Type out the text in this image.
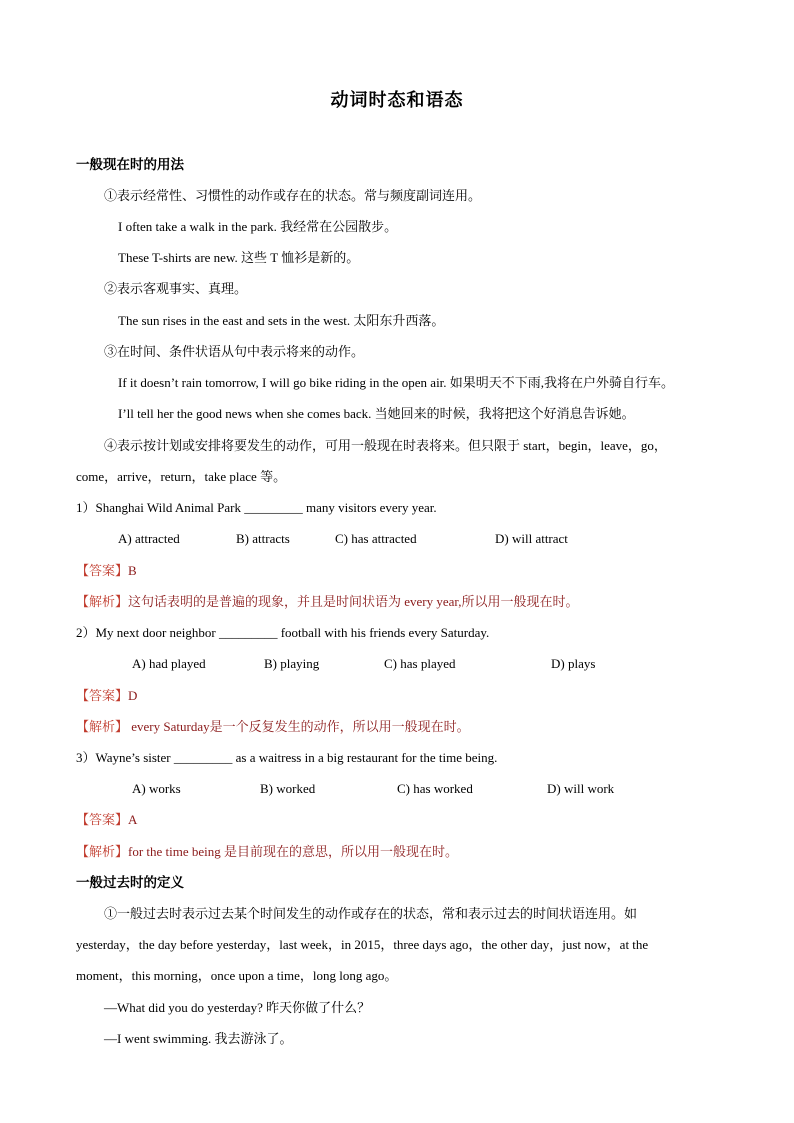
动词时态和语态
一般现在时的用法
①表示经常性、习惯性的动作或存在的状态。常与频度副词连用。
I often take a walk in the park. 我经常在公园散步。
These T-shirts are new. 这些 T 恤衫是新的。
②表示客观事实、真理。
The sun rises in the east and sets in the west. 太阳东升西落。
③在时间、条件状语从句中表示将来的动作。
If it doesn’t rain tomorrow, I will go bike riding in the open air. 如果明天不下雨,我将在户外骑自行车。
I’ll tell her the good news when she comes back. 当她回来的时候，我将把这个好消息告诉她。
④表示按计划或安排将要发生的动作，可用一般现在时表将来。但只限于 start，begin，leave，go，
come，arrive，return，take place 等。
1）Shanghai Wild Animal Park _________ many visitors every year.
A) attracted	B) attracts	C) has attracted	D) will attract
【答案】B
【解析】这句话表明的是普遍的现象，并且是时间状语为 every year,所以用一般现在时。
2）My next door neighbor _________ football with his friends every Saturday.
A) had played	B) playing	C) has played	D) plays
【答案】D
【解析】 every Saturday是一个反复发生的动作，所以用一般现在时。
3）Wayne’s sister _________ as a waitress in a big restaurant for the time being.
A) works	B) worked	C) has worked	D) will work
【答案】A
【解析】for the time being 是目前现在的意思，所以用一般现在时。
一般过去时的定义
①一般过去时表示过去某个时间发生的动作或存在的状态，常和表示过去的时间状语连用。如
yesterday，the day before yesterday，last week，in 2015，three days ago，the other day，just now，at the
moment，this morning，once upon a time，long long ago。
—What did you do yesterday? 昨天你做了什么？
—I went swimming. 我去游泳了。
